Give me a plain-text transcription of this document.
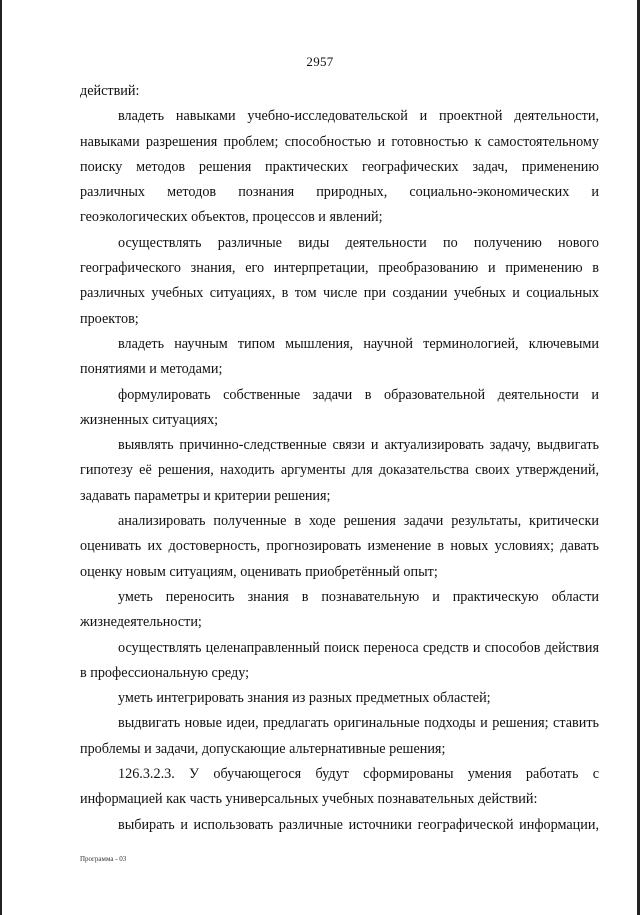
2957

действий:

владеть навыками учебно-исследовательской и проектной деятельности, навыками разрешения проблем; способностью и готовностью к самостоятельному поиску методов решения практических географических задач, применению различных методов познания природных, социально-экономических и геоэкологических объектов, процессов и явлений;

осуществлять различные виды деятельности по получению нового географического знания, его интерпретации, преобразованию и применению в различных учебных ситуациях, в том числе при создании учебных и социальных проектов;

владеть научным типом мышления, научной терминологией, ключевыми понятиями и методами;

формулировать собственные задачи в образовательной деятельности и жизненных ситуациях;

выявлять причинно-следственные связи и актуализировать задачу, выдвигать гипотезу её решения, находить аргументы для доказательства своих утверждений, задавать параметры и критерии решения;

анализировать полученные в ходе решения задачи результаты, критически оценивать их достоверность, прогнозировать изменение в новых условиях; давать оценку новым ситуациям, оценивать приобретённый опыт;

уметь переносить знания в познавательную и практическую области жизнедеятельности;

осуществлять целенаправленный поиск переноса средств и способов действия в профессиональную среду;

уметь интегрировать знания из разных предметных областей;

выдвигать новые идеи, предлагать оригинальные подходы и решения; ставить проблемы и задачи, допускающие альтернативные решения;

126.3.2.3. У обучающегося будут сформированы умения работать с информацией как часть универсальных учебных познавательных действий:

выбирать и использовать различные источники географической информации,

Программа - 03
